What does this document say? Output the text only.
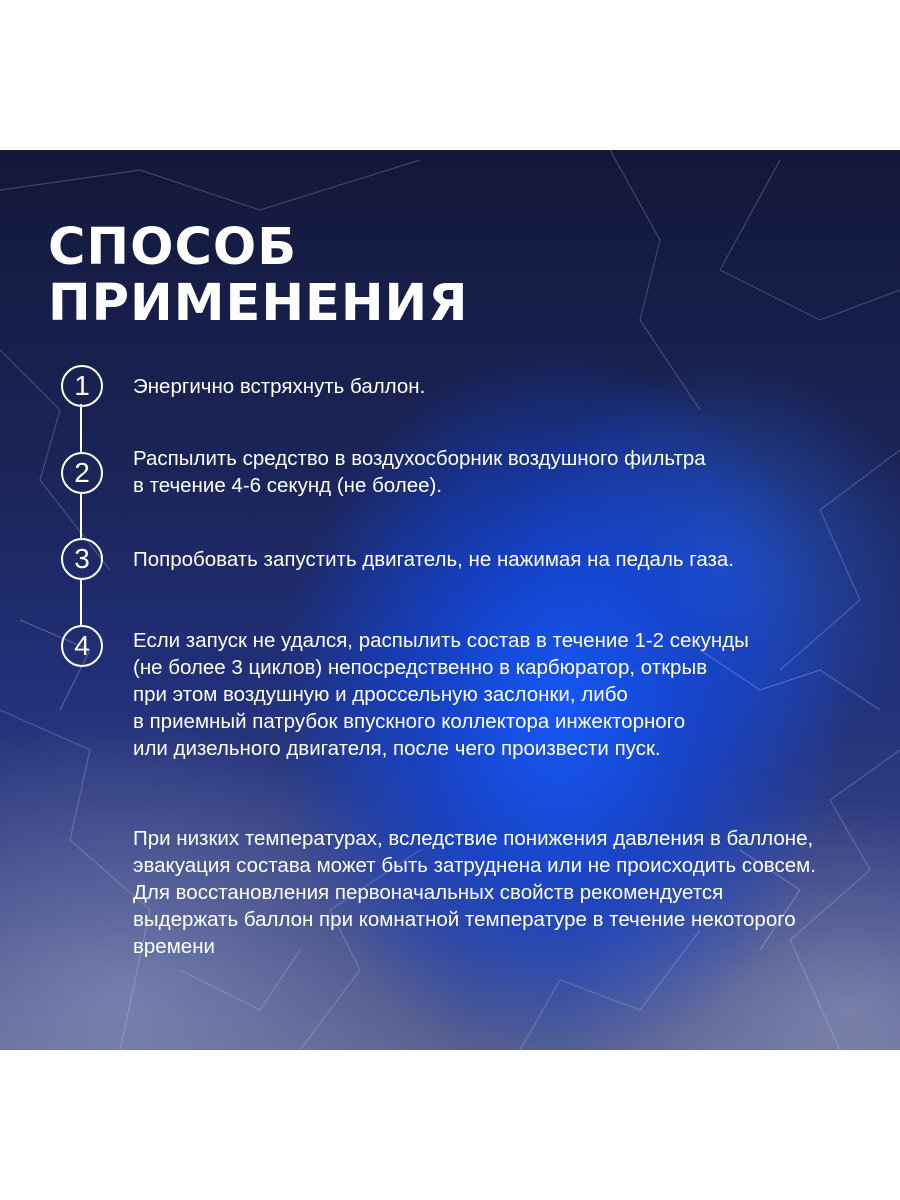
СПОСОБ
ПРИМЕНЕНИЯ
1	Энергично встряхнуть баллон.
2	Распылить средство в воздухосборник воздушного фильтра
в течение 4-6 секунд (не более).
3	Попробовать запустить двигатель, не нажимая на педаль газа.
4	Если запуск не удался, распылить состав в течение 1-2 секунды
(не более 3 циклов) непосредственно в карбюратор, открыв
при этом воздушную и дроссельную заслонки, либо
в приемный патрубок впускного коллектора инжекторного
или дизельного двигателя, после чего произвести пуск.
При низких температурах, вследствие понижения давления в баллоне,
эвакуация состава может быть затруднена или не происходить совсем.
Для восстановления первоначальных свойств рекомендуется
выдержать баллон при комнатной температуре в течение некоторого
времени
